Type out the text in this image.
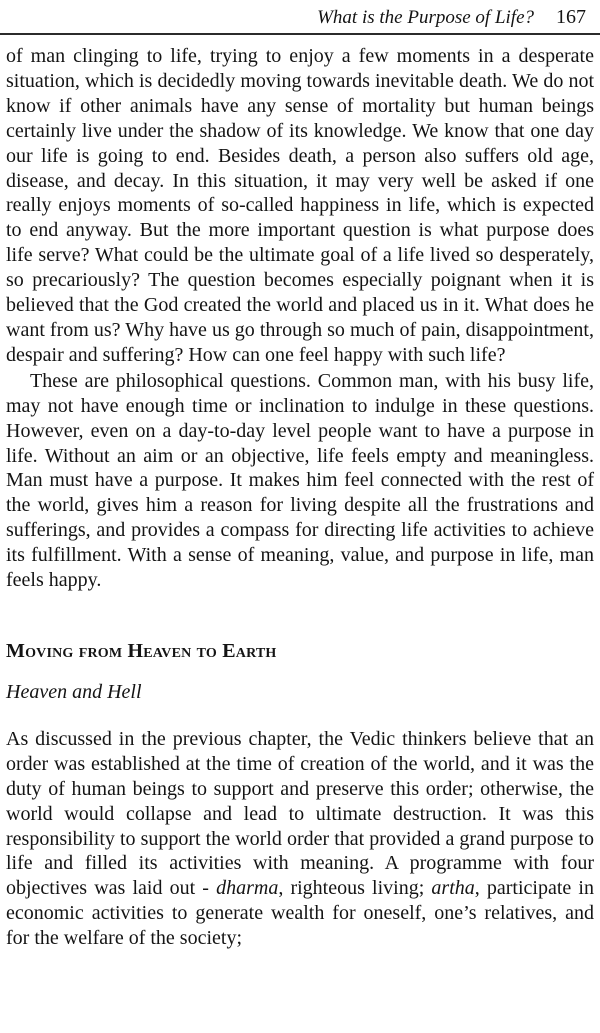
What is the Purpose of Life? 167

of man clinging to life, trying to enjoy a few moments in a desperate situation, which is decidedly moving towards inevitable death. We do not know if other animals have any sense of mortality but human beings certainly live under the shadow of its knowledge. We know that one day our life is going to end. Besides death, a person also suffers old age, disease, and decay. In this situation, it may very well be asked if one really enjoys moments of so-called happiness in life, which is expected to end anyway. But the more important question is what purpose does life serve? What could be the ultimate goal of a life lived so desperately, so precariously? The question becomes especially poignant when it is believed that the God created the world and placed us in it. What does he want from us? Why have us go through so much of pain, disappointment, despair and suffering? How can one feel happy with such life?

These are philosophical questions. Common man, with his busy life, may not have enough time or inclination to indulge in these questions. However, even on a day-to-day level people want to have a purpose in life. Without an aim or an objective, life feels empty and meaningless. Man must have a purpose. It makes him feel connected with the rest of the world, gives him a reason for living despite all the frustrations and sufferings, and provides a compass for directing life activities to achieve its fulfillment. With a sense of meaning, value, and purpose in life, man feels happy.

Moving from Heaven to Earth
Heaven and Hell

As discussed in the previous chapter, the Vedic thinkers believe that an order was established at the time of creation of the world, and it was the duty of human beings to support and preserve this order; otherwise, the world would collapse and lead to ultimate destruction. It was this responsibility to support the world order that provided a grand purpose to life and filled its activities with meaning. A programme with four objectives was laid out - dharma, righteous living; artha, participate in economic activities to generate wealth for oneself, one’s relatives, and for the welfare of the society;
